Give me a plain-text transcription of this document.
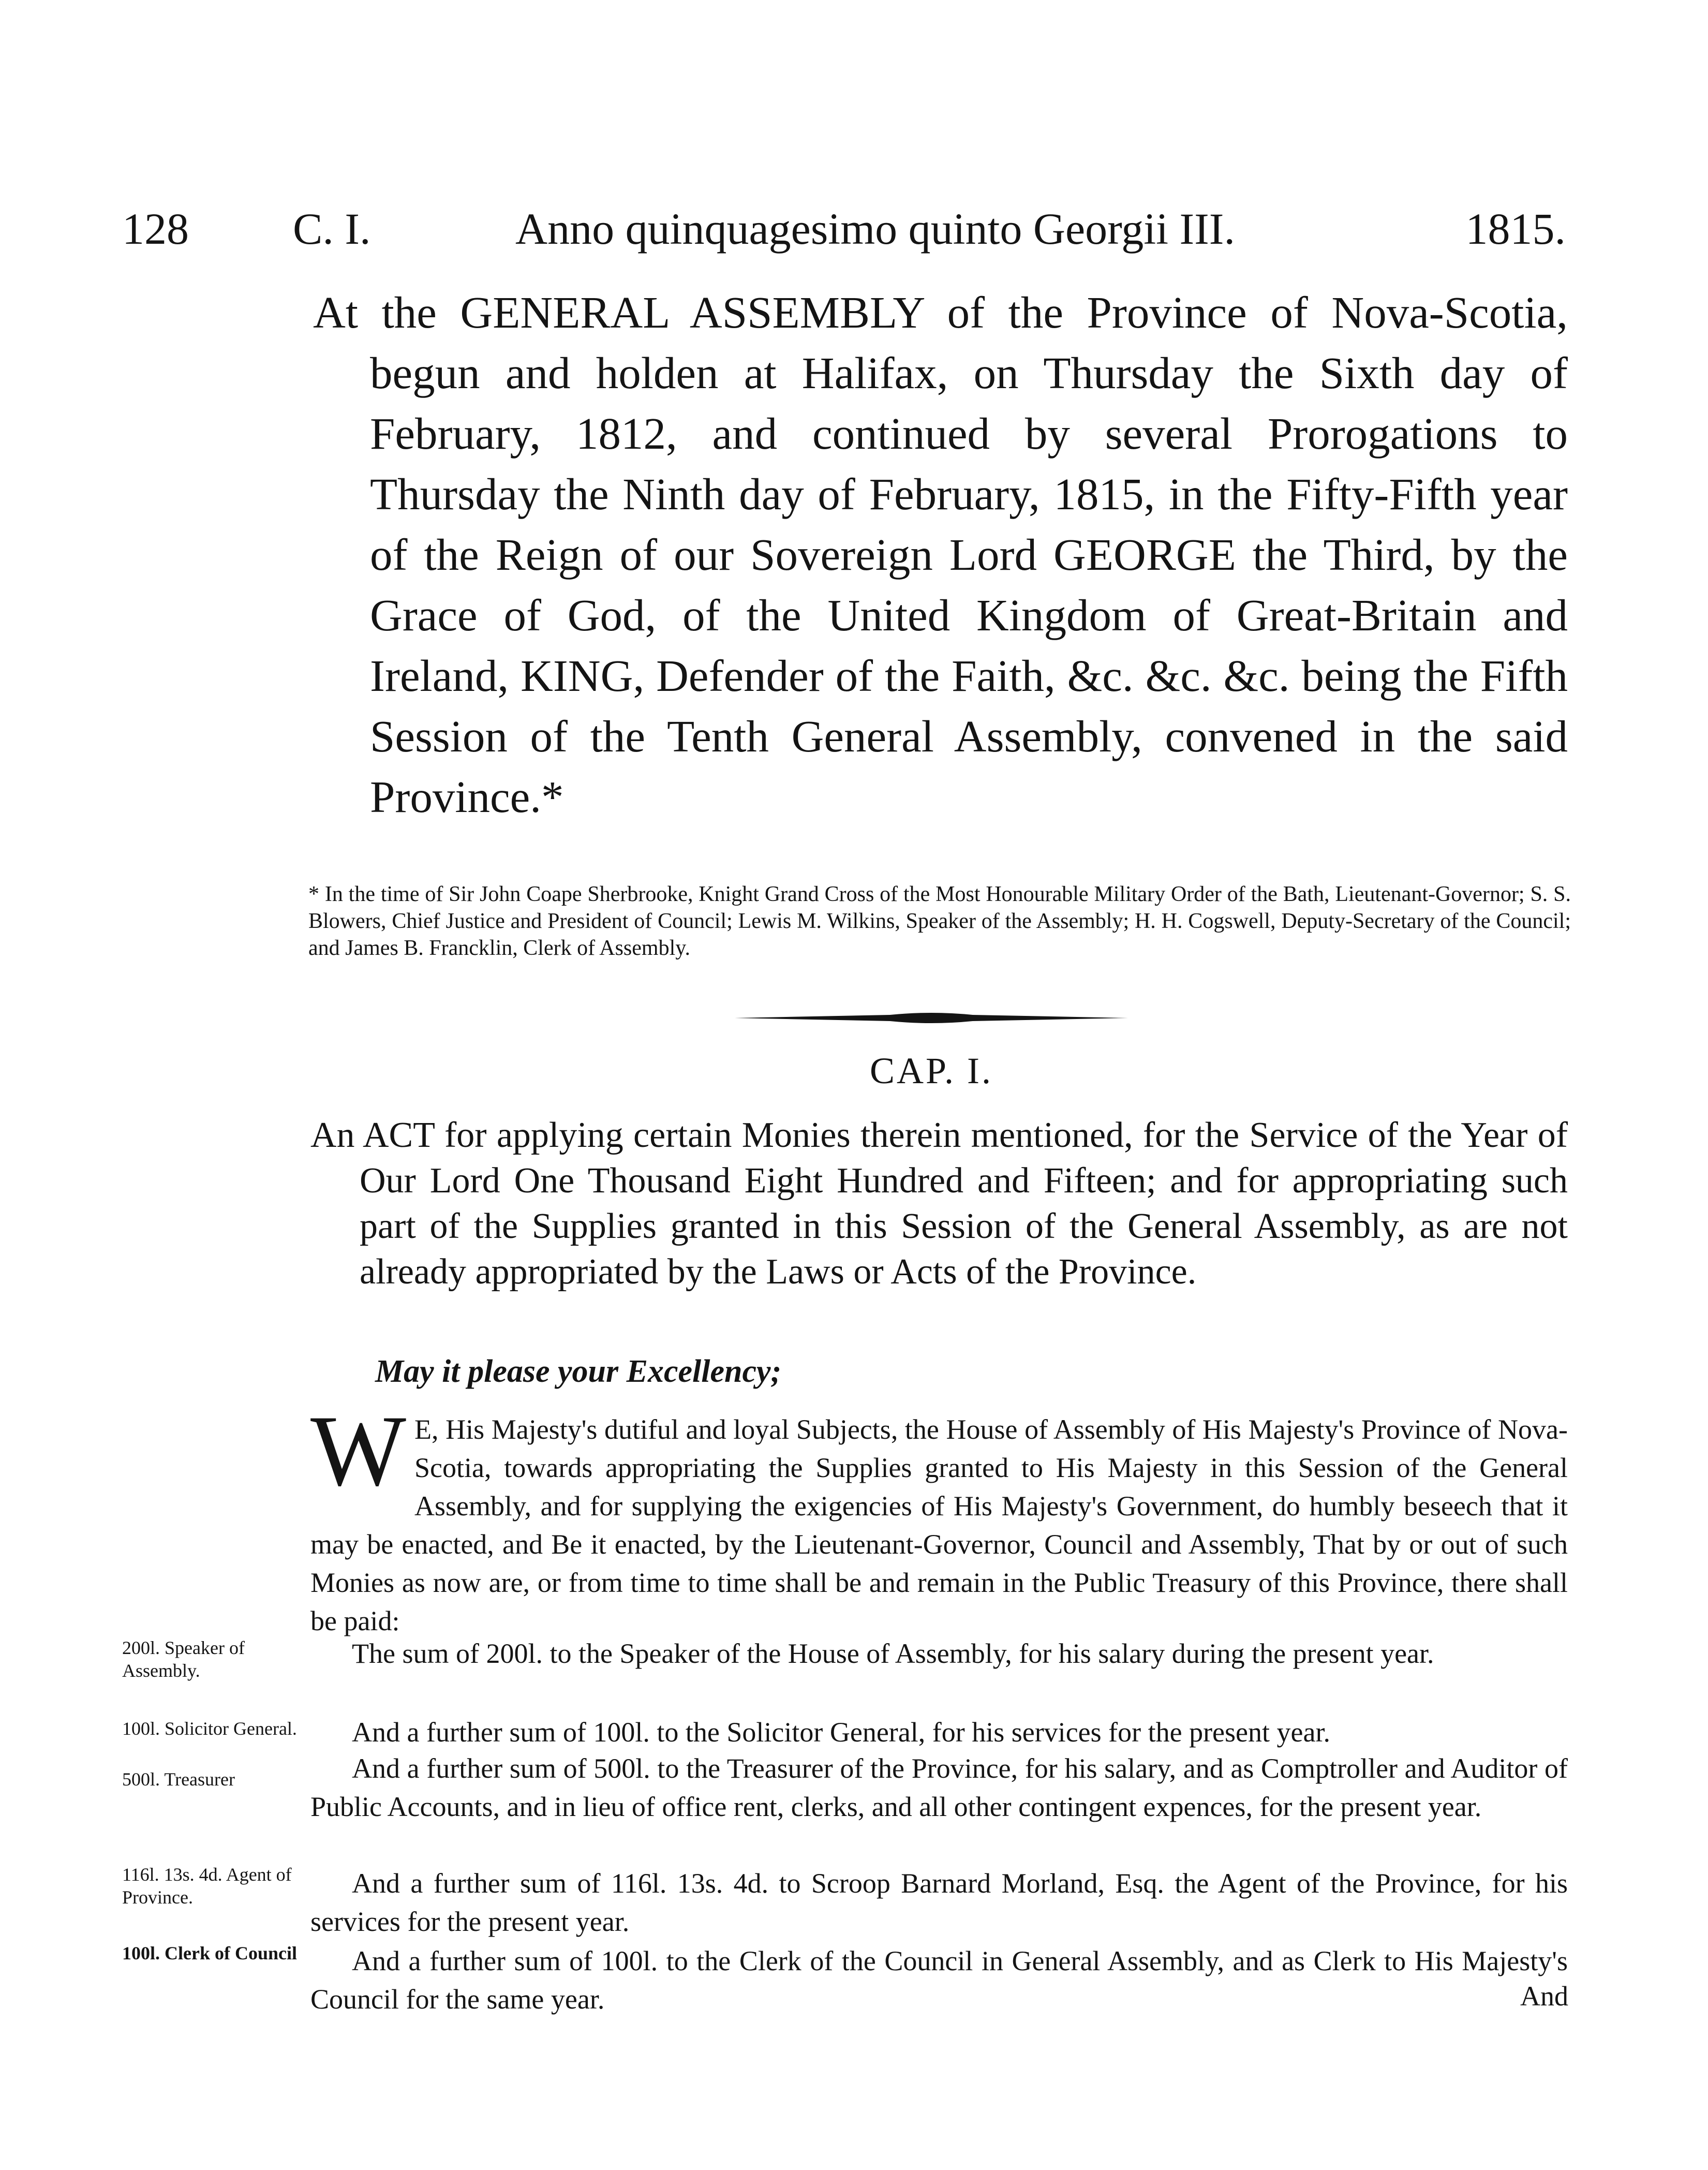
128 C. I.	Anno quinquagesimo quinto Georgii III.	1815.

At the GENERAL ASSEMBLY of the Province of Nova-Scotia, begun and holden at Halifax, on Thursday the Sixth day of February, 1812, and continued by several Prorogations to Thursday the Ninth day of February, 1815, in the Fifty-Fifth year of the Reign of our Sovereign Lord GEORGE the Third, by the Grace of God, of the United Kingdom of Great-Britain and Ireland, KING, Defender of the Faith, &c. &c. &c. being the Fifth Session of the Tenth General Assembly, convened in the said Province.*

* In the time of Sir John Coape Sherbrooke, Knight Grand Cross of the Most Honourable Military Order of the Bath, Lieutenant-Governor; S. S. Blowers, Chief Justice and President of Council; Lewis M. Wilkins, Speaker of the Assembly; H. H. Cogswell, Deputy-Secretary of the Council; and James B. Francklin, Clerk of Assembly.

CAP. I.

An ACT for applying certain Monies therein mentioned, for the Service of the Year of Our Lord One Thousand Eight Hundred and Fifteen; and for appropriating such part of the Supplies granted in this Session of the General Assembly, as are not already appropriated by the Laws or Acts of the Province.

May it please your Excellency;
W E, His Majesty's dutiful and loyal Subjects, the House of Assembly of His Majesty's Province of Nova-Scotia, towards appropriating the Supplies granted to His Majesty in this Session of the General Assembly, and for supplying the exigencies of His Majesty's Government, do humbly beseech that it may be enacted, and Be it enacted, by the Lieutenant-Governor, Council and Assembly, That by or out of such Monies as now are, or from time to time shall be and remain in the Public Treasury of this Province, there shall be paid:

The sum of 200l. to the Speaker of the House of Assembly, for his salary during the present year.

And a further sum of 100l. to the Solicitor General, for his services for the present year.

And a further sum of 500l. to the Treasurer of the Province, for his salary, and as Comptroller and Auditor of Public Accounts, and in lieu of office rent, clerks, and all other contingent expences, for the present year.

And a further sum of 116l. 13s. 4d. to Scroop Barnard Morland, Esq. the Agent of the Province, for his services for the present year.

And a further sum of 100l. to the Clerk of the Council in General Assembly, and as Clerk to His Majesty's Council for the same year.	And
200l. Speaker of Assembly.
100l. Solicitor General.
500l. Treasurer
116l. 13s. 4d. Agent of Province.
100l. Clerk of Council
